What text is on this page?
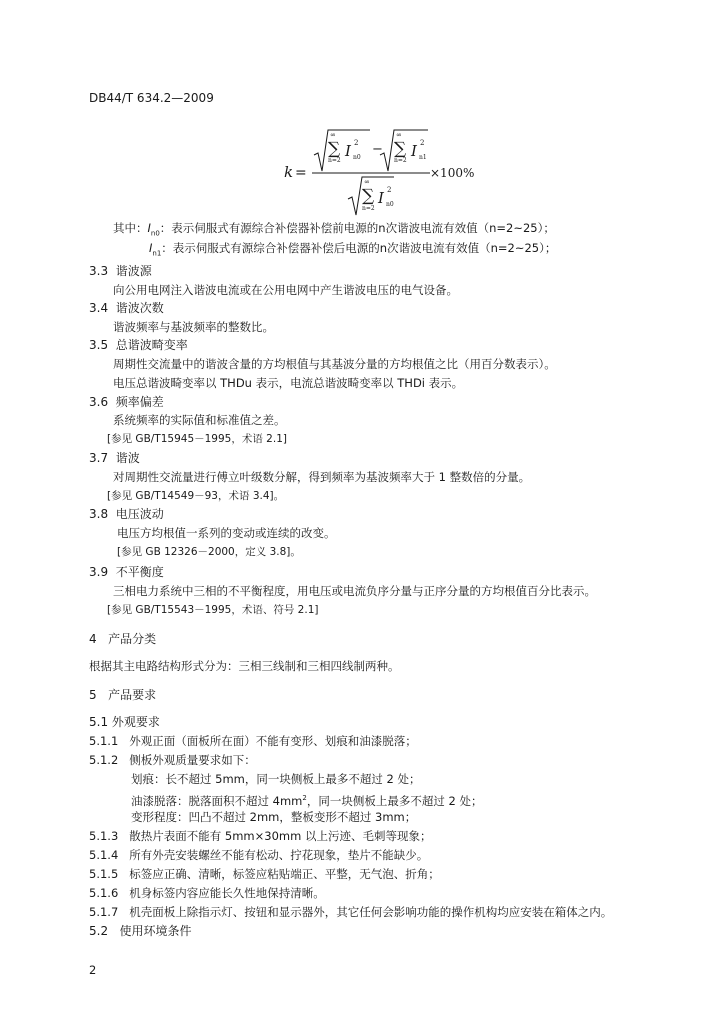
DB44/T 634.2—2009
k =
∞
∑
n=2
I 2
n0
−
∞
∑
n=2
I 2
n1
∞
∑
n=2
I 2
n0
×100%
其中：$I_{n0}$：表示伺服式有源综合补偿器补偿前电源的n次谐波电流有效值（n=2~25）；
$I_{n1}$：表示伺服式有源综合补偿器补偿后电源的n次谐波电流有效值（n=2~25）；
3.3 谐波源
向公用电网注入谐波电流或在公用电网中产生谐波电压的电气设备。
3.4 谐波次数
谐波频率与基波频率的整数比。
3.5 总谐波畸变率
周期性交流量中的谐波含量的方均根值与其基波分量的方均根值之比（用百分数表示）。
电压总谐波畸变率以 THDu 表示，电流总谐波畸变率以 THDi 表示。
3.6 频率偏差
系统频率的实际值和标准值之差。
[参见 GB/T15945－1995，术语 2.1]
3.7 谐波
对周期性交流量进行傅立叶级数分解，得到频率为基波频率大于 1 整数倍的分量。
[参见 GB/T14549－93，术语 3.4]。
3.8 电压波动
电压方均根值一系列的变动或连续的改变。
[参见 GB 12326－2000，定义 3.8]。
3.9 不平衡度
三相电力系统中三相的不平衡程度，用电压或电流负序分量与正序分量的方均根值百分比表示。
[参见 GB/T15543－1995，术语、符号 2.1]
4 产品分类
根据其主电路结构形式分为：三相三线制和三相四线制两种。
5 产品要求
5.1 外观要求
5.1.1 外观正面（面板所在面）不能有变形、划痕和油漆脱落；
5.1.2 侧板外观质量要求如下：
划痕：长不超过 5mm，同一块侧板上最多不超过 2 处；
油漆脱落：脱落面积不超过 $4mm^2$，同一块侧板上最多不超过 2 处；
变形程度：凹凸不超过 2mm，整板变形不超过 3mm；
5.1.3 散热片表面不能有 5mm×30mm 以上污迹、毛刺等现象；
5.1.4 所有外壳安装螺丝不能有松动、拧花现象，垫片不能缺少。
5.1.5 标签应正确、清晰，标签应粘贴端正、平整，无气泡、折角；
5.1.6 机身标签内容应能长久性地保持清晰。
5.1.7 机壳面板上除指示灯、按钮和显示器外，其它任何会影响功能的操作机构均应安装在箱体之内。
5.2 使用环境条件
2
